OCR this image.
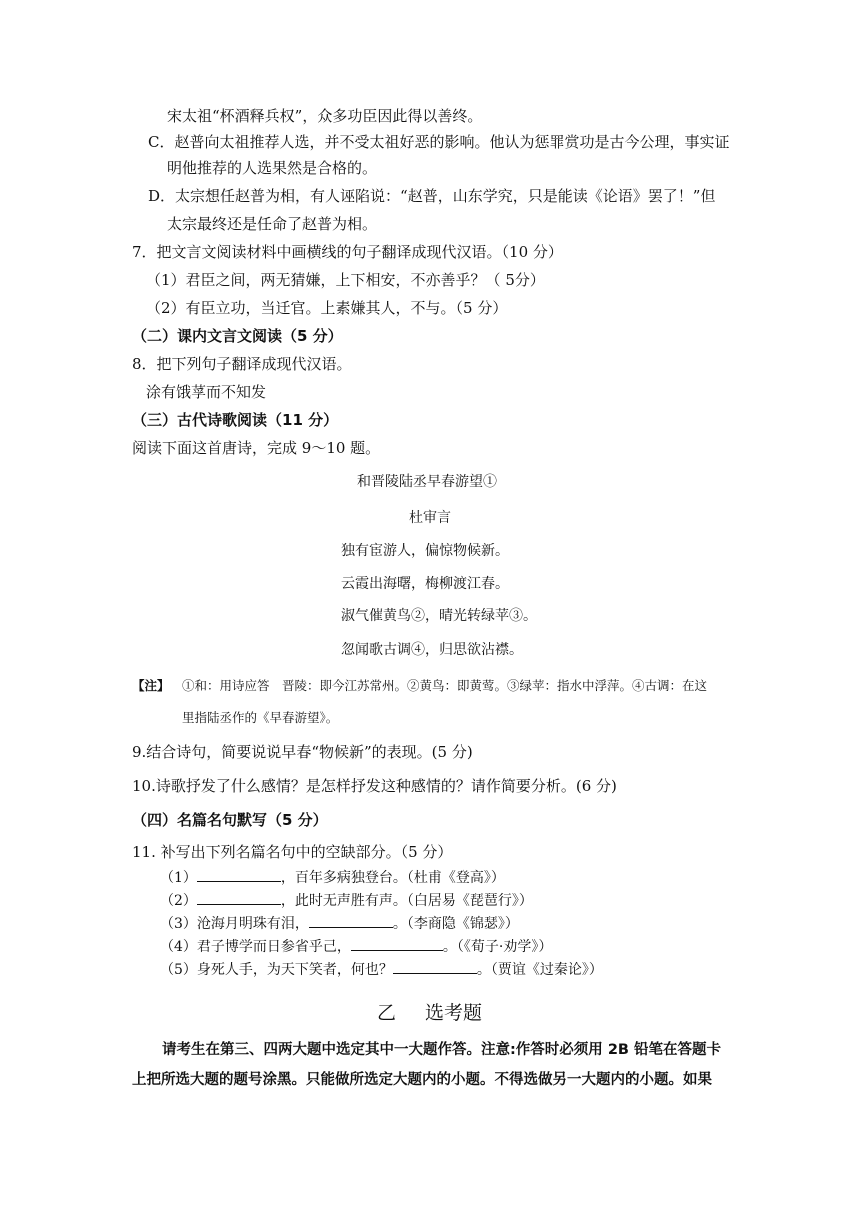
宋太祖“杯酒释兵权”，众多功臣因此得以善终。
C．赵普向太祖推荐人选，并不受太祖好恶的影响。他认为惩罪赏功是古今公理，事实证
明他推荐的人选果然是合格的。
D．太宗想任赵普为相，有人诬陷说：“赵普，山东学究，只是能读《论语》罢了！”但
太宗最终还是任命了赵普为相。
7．把文言文阅读材料中画横线的句子翻译成现代汉语。（10 分）
（1）君臣之间，两无猜嫌，上下相安，不亦善乎？（ 5分）
（2）有臣立功，当迁官。上素嫌其人，不与。（5 分）
（二）课内文言文阅读（5 分）
8．把下列句子翻译成现代汉语。
涂有饿莩而不知发
（三）古代诗歌阅读（11 分）
阅读下面这首唐诗，完成 9～10 题。
和晋陵陆丞早春游望①
杜审言
独有宦游人，偏惊物候新。
云霞出海曙，梅柳渡江春。
淑气催黄鸟②，晴光转绿苹③。
忽闻歌古调④，归思欲沾襟。
【注】 ①和：用诗应答　晋陵：即今江苏常州。②黄鸟：即黄莺。③绿苹：指水中浮萍。④古调：在这
里指陆丞作的《早春游望》。
9.结合诗句，简要说说早春“物候新”的表现。(5 分)
10.诗歌抒发了什么感情？是怎样抒发这种感情的？请作简要分析。(6 分)
（四）名篇名句默写（5 分）
11. 补写出下列名篇名句中的空缺部分。（5 分）
（1）	，百年多病独登台。（杜甫《登高》）
（2）	，此时无声胜有声。（白居易《琵琶行》）
（3）沧海月明珠有泪，	。（李商隐《锦瑟》）
（4）君子博学而日参省乎己，	。（《荀子·劝学》）
（5）身死人手，为天下笑者，何也？	。（贾谊《过秦论》）
乙 选考题
请考生在第三、四两大题中选定其中一大题作答。注意:作答时必须用 2B 铅笔在答题卡
上把所选大题的题号涂黑。只能做所选定大题内的小题。不得选做另一大题内的小题。如果
